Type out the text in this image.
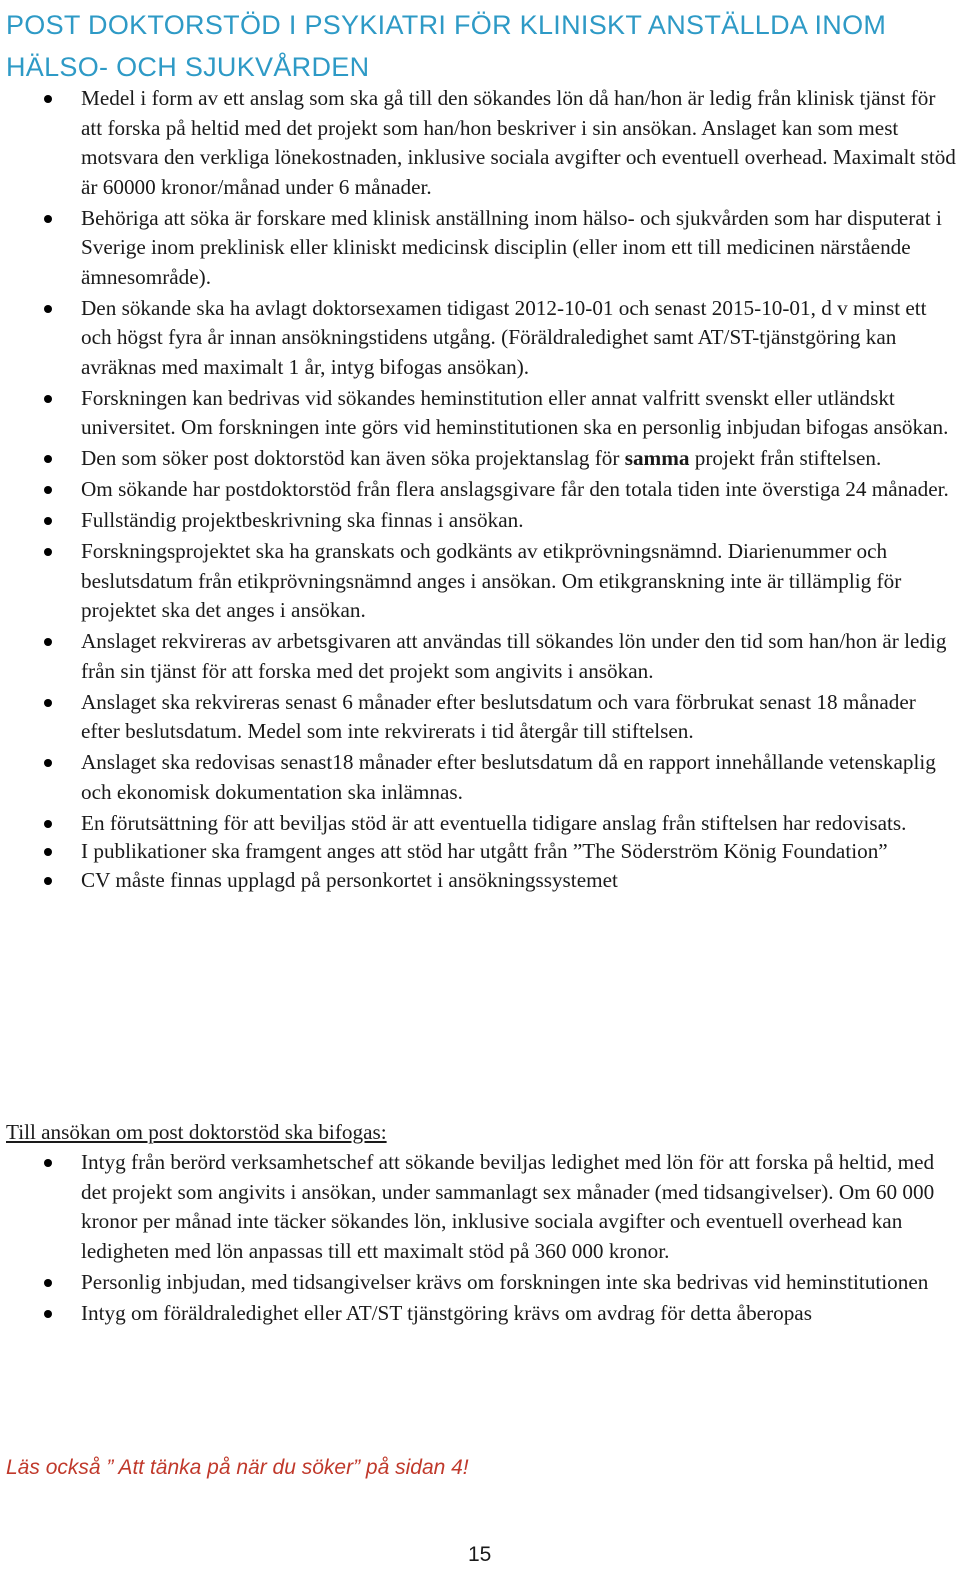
POST DOKTORSTÖD I PSYKIATRI FÖR KLINISKT ANSTÄLLDA INOM HÄLSO- OCH SJUKVÅRDEN
Medel i form av ett anslag som ska gå till den sökandes lön då han/hon är ledig från klinisk tjänst för att forska på heltid med det projekt som han/hon beskriver i sin ansökan. Anslaget kan som mest motsvara den verkliga lönekostnaden, inklusive sociala avgifter och eventuell overhead. Maximalt stöd är 60000 kronor/månad under 6 månader.
Behöriga att söka är forskare med klinisk anställning inom hälso- och sjukvården som har disputerat i Sverige inom preklinisk eller kliniskt medicinsk disciplin (eller inom ett till medicinen närstående ämnesområde).
Den sökande ska ha avlagt doktorsexamen tidigast 2012-10-01 och senast 2015-10-01, d v minst ett och högst fyra år innan ansökningstidens utgång. (Föräldraledighet samt AT/ST-tjänstgöring kan avräknas med maximalt 1 år, intyg bifogas ansökan).
Forskningen kan bedrivas vid sökandes heminstitution eller annat valfritt svenskt eller utländskt universitet. Om forskningen inte görs vid heminstitutionen ska en personlig inbjudan bifogas ansökan.
Den som söker post doktorstöd kan även söka projektanslag för samma projekt från stiftelsen.
Om sökande har postdoktorstöd från flera anslagsgivare får den totala tiden inte överstiga 24 månader.
Fullständig projektbeskrivning ska finnas i ansökan.
Forskningsprojektet ska ha granskats och godkänts av etikprövningsnämnd. Diarienummer och beslutsdatum från etikprövningsnämnd anges i ansökan. Om etikgranskning inte är tillämplig för projektet ska det anges i ansökan.
Anslaget rekvireras av arbetsgivaren att användas till sökandes lön under den tid som han/hon är ledig från sin tjänst för att forska med det projekt som angivits i ansökan.
Anslaget ska rekvireras senast 6 månader efter beslutsdatum och vara förbrukat senast 18 månader efter beslutsdatum. Medel som inte rekvirerats i tid återgår till stiftelsen.
Anslaget ska redovisas senast18 månader efter beslutsdatum då en rapport innehållande vetenskaplig och ekonomisk dokumentation ska inlämnas.
En förutsättning för att beviljas stöd är att eventuella tidigare anslag från stiftelsen har redovisats.
I publikationer ska framgent anges att stöd har utgått från ”The Söderström König Foundation”
CV måste finnas upplagd på personkortet i ansökningssystemet
Till ansökan om post doktorstöd ska bifogas:
Intyg från berörd verksamhetschef att sökande beviljas ledighet med lön för att forska på heltid, med det projekt som angivits i ansökan, under sammanlagt sex månader (med tidsangivelser). Om 60 000 kronor per månad inte täcker sökandes lön, inklusive sociala avgifter och eventuell overhead kan ledigheten med lön anpassas till ett maximalt stöd på 360 000 kronor.
Personlig inbjudan, med tidsangivelser krävs om forskningen inte ska bedrivas vid heminstitutionen
Intyg om föräldraledighet eller AT/ST tjänstgöring krävs om avdrag för detta åberopas

Läs också ” Att tänka på när du söker” på sidan 4!

15
